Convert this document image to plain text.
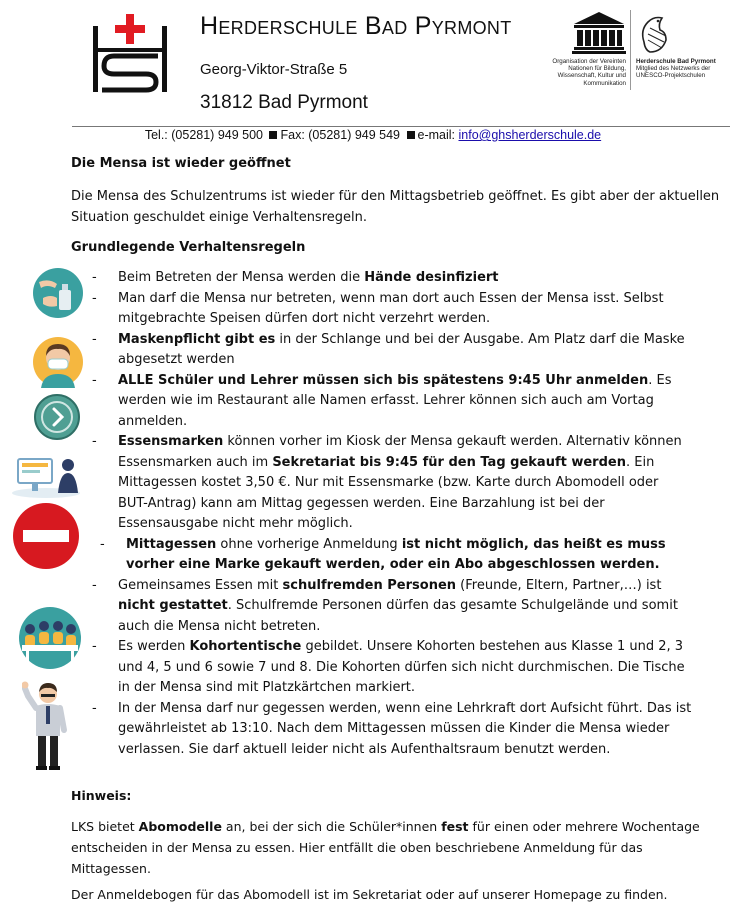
Herderschule Bad Pyrmont
Georg-Viktor-Straße 5
31812 Bad Pyrmont
Organisation der Vereinten Nationen für Bildung, Wissenschaft, Kultur und Kommunikation
Herderschule Bad Pyrmont
Mitglied des Netzwerks der UNESCO-Projektschulen
Tel.: (05281) 949 500 Fax: (05281) 949 549 e-mail: info@ghsherderschule.de
Die Mensa ist wieder geöffnet
Die Mensa des Schulzentrums ist wieder für den Mittagsbetrieb geöffnet. Es gibt aber der aktuellen Situation geschuldet einige Verhaltensregeln.
Grundlegende Verhaltensregeln
- Beim Betreten der Mensa werden die Hände desinfiziert
- Man darf die Mensa nur betreten, wenn man dort auch Essen der Mensa isst. Selbst mitgebrachte Speisen dürfen dort nicht verzehrt werden.
- Maskenpflicht gibt es in der Schlange und bei der Ausgabe. Am Platz darf die Maske abgesetzt werden
- ALLE Schüler und Lehrer müssen sich bis spätestens 9:45 Uhr anmelden. Es werden wie im Restaurant alle Namen erfasst. Lehrer können sich auch am Vortag anmelden.
- Essensmarken können vorher im Kiosk der Mensa gekauft werden. Alternativ können Essensmarken auch im Sekretariat bis 9:45 für den Tag gekauft werden. Ein Mittagessen kostet 3,50 €. Nur mit Essensmarke (bzw. Karte durch Abomodell oder BUT-Antrag) kann am Mittag gegessen werden. Eine Barzahlung ist bei der Essensausgabe nicht mehr möglich.
- Mittagessen ohne vorherige Anmeldung ist nicht möglich, das heißt es muss vorher eine Marke gekauft werden, oder ein Abo abgeschlossen werden.
- Gemeinsames Essen mit schulfremden Personen (Freunde, Eltern, Partner,…) ist nicht gestattet. Schulfremde Personen dürfen das gesamte Schulgelände und somit auch die Mensa nicht betreten.
- Es werden Kohortentische gebildet. Unsere Kohorten bestehen aus Klasse 1 und 2, 3 und 4, 5 und 6 sowie 7 und 8. Die Kohorten dürfen sich nicht durchmischen. Die Tische in der Mensa sind mit Platzkärtchen markiert.
- In der Mensa darf nur gegessen werden, wenn eine Lehrkraft dort Aufsicht führt. Das ist gewährleistet ab 13:10. Nach dem Mittagessen müssen die Kinder die Mensa wieder verlassen. Sie darf aktuell leider nicht als Aufenthaltsraum benutzt werden.
Hinweis:
LKS bietet Abomodelle an, bei der sich die Schüler*innen fest für einen oder mehrere Wochentage entscheiden in der Mensa zu essen. Hier entfällt die oben beschriebene Anmeldung für das Mittagessen.
Der Anmeldebogen für das Abomodell ist im Sekretariat oder auf unserer Homepage zu finden.
